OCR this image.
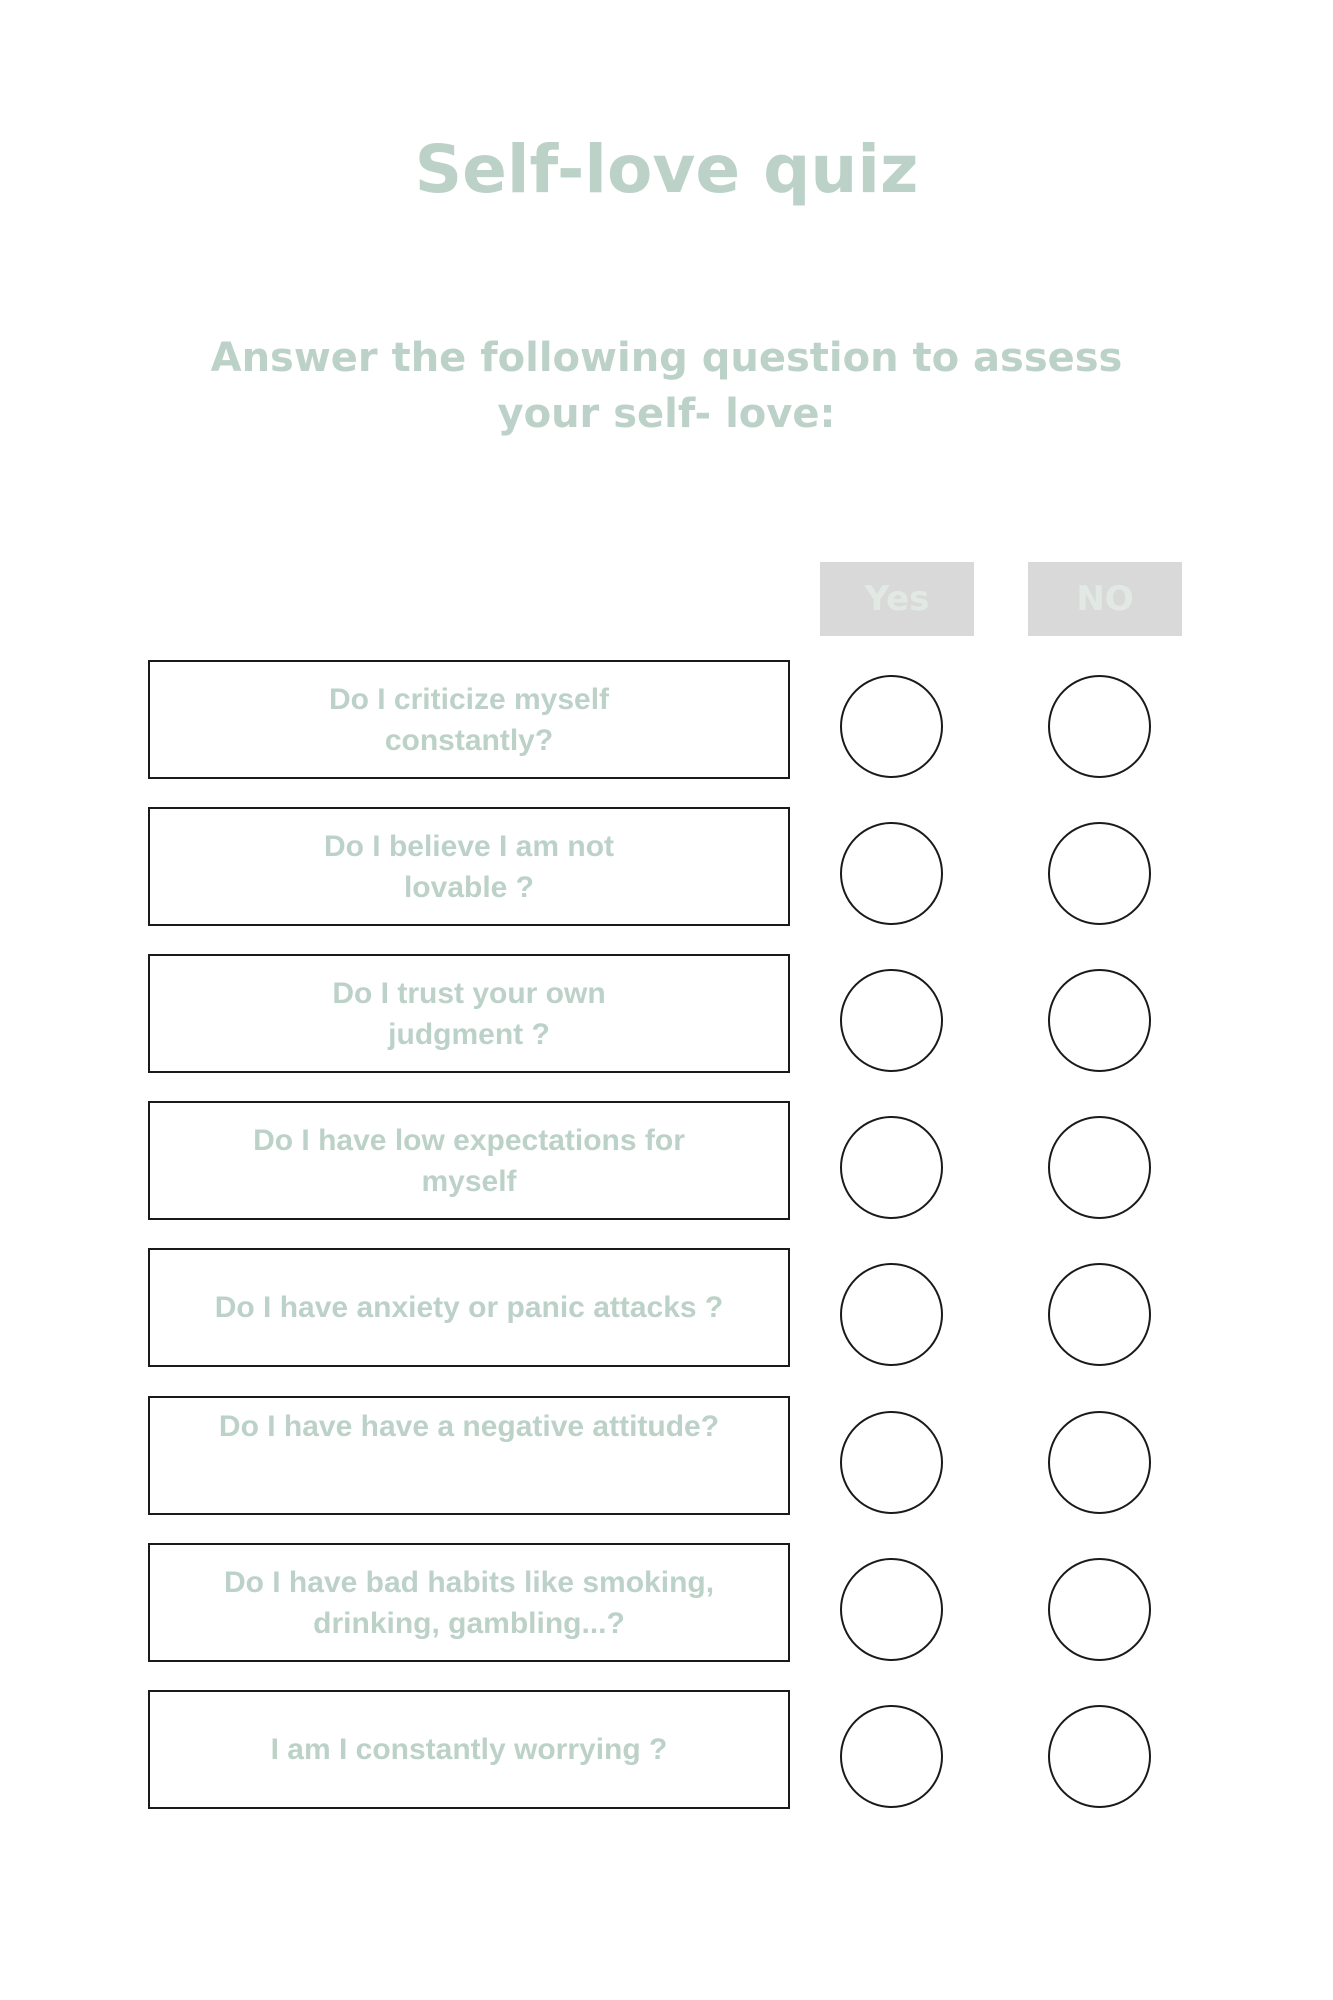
Self-love quiz
Answer the following question to assess your self- love:
Yes	NO
Do I criticize myself constantly?
Do I believe I am not lovable ?
Do I trust your own judgment ?
Do I have low expectations for myself
Do I have anxiety or panic attacks ?
Do I have have a negative attitude?
Do I have bad habits like smoking, drinking, gambling...?
I am I constantly worrying ?
